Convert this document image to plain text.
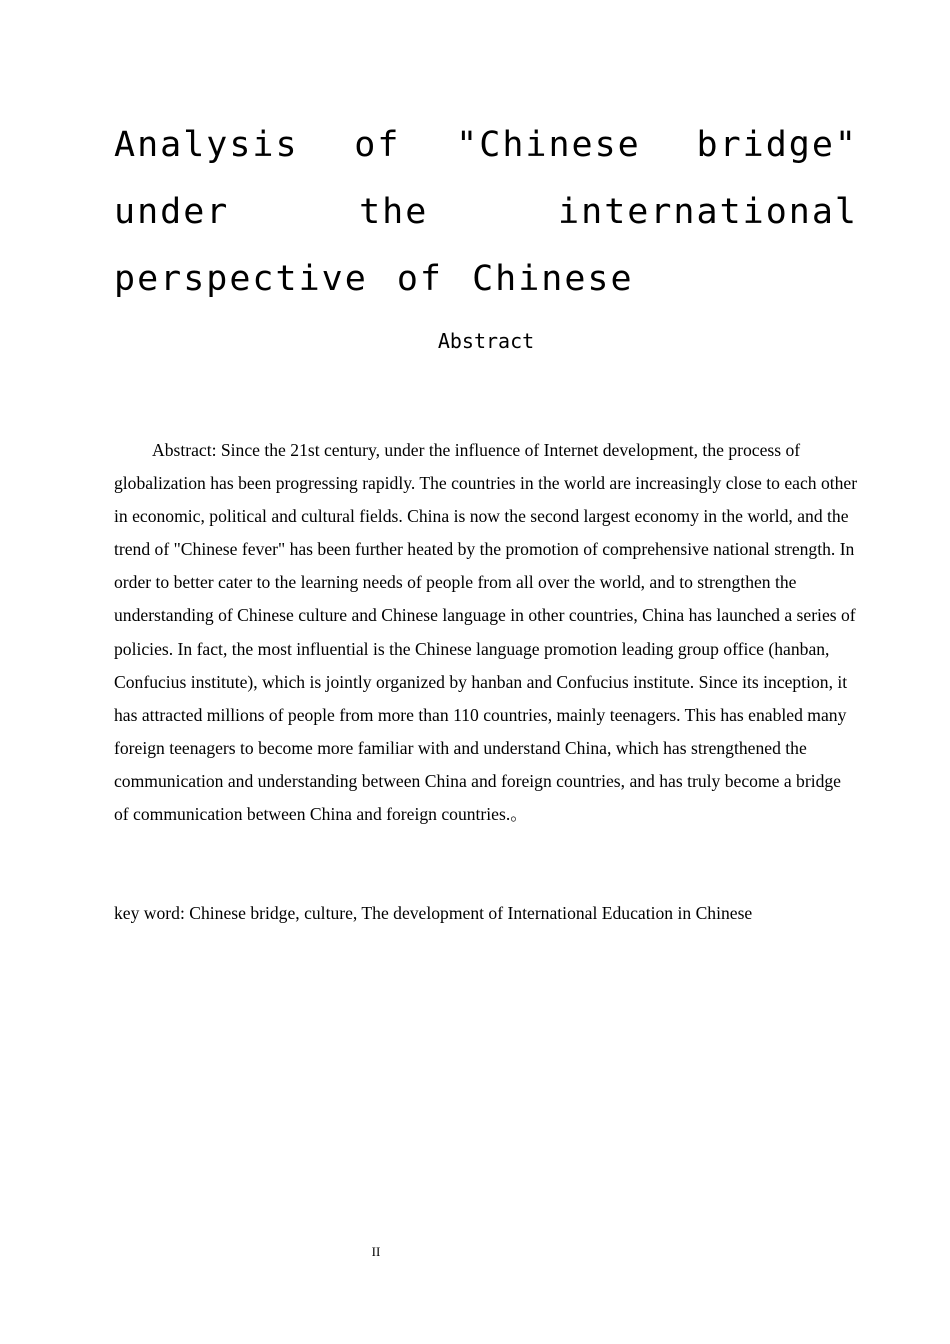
Analysis of "Chinese bridge" under the international perspective of Chinese
Abstract

Abstract: Since the 21st century, under the influence of Internet development, the process of globalization has been progressing rapidly. The countries in the world are increasingly close to each other in economic, political and cultural fields. China is now the second largest economy in the world, and the trend of "Chinese fever" has been further heated by the promotion of comprehensive national strength. In order to better cater to the learning needs of people from all over the world, and to strengthen the understanding of Chinese culture and Chinese language in other countries, China has launched a series of policies. In fact, the most influential is the Chinese language promotion leading group office (hanban, Confucius institute), which is jointly organized by hanban and Confucius institute. Since its inception, it has attracted millions of people from more than 110 countries, mainly teenagers. This has enabled many foreign teenagers to become more familiar with and understand China, which has strengthened the communication and understanding between China and foreign countries, and has truly become a bridge of communication between China and foreign countries.。

key word: Chinese bridge, culture, The development of International Education in Chinese

II
